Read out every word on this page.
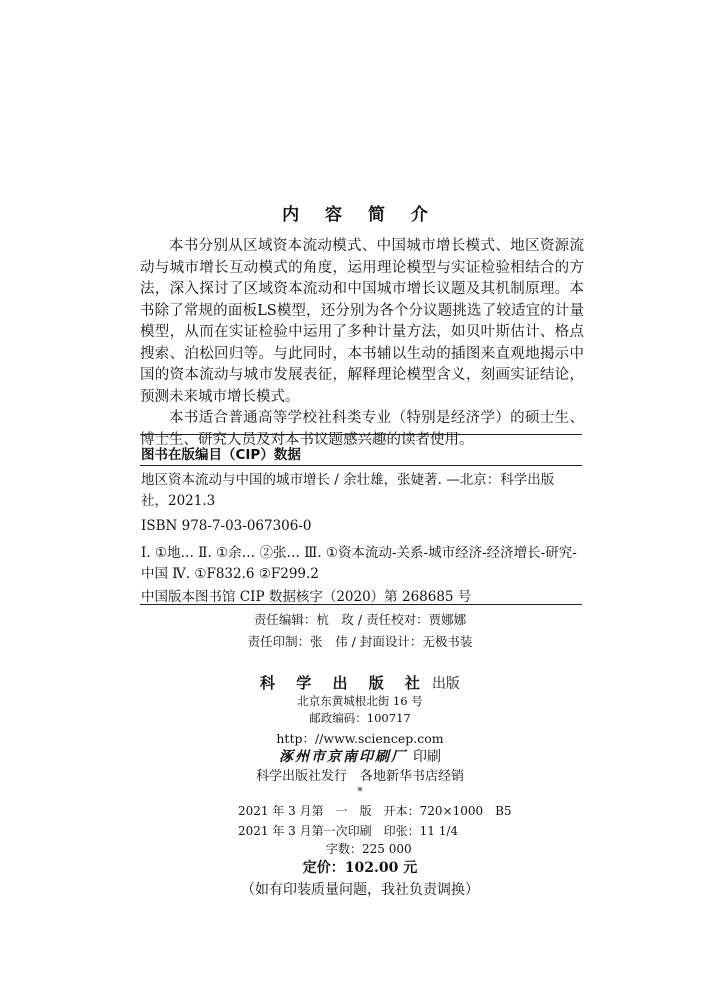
内 容 简 介

本书分别从区域资本流动模式、中国城市增长模式、地区资源流动与城市增长互动模式的角度，运用理论模型与实证检验相结合的方法，深入探讨了区域资本流动和中国城市增长议题及其机制原理。本书除了常规的面板LS模型，还分别为各个分议题挑选了较适宜的计量模型，从而在实证检验中运用了多种计量方法，如贝叶斯估计、格点搜索、泊松回归等。与此同时，本书辅以生动的插图来直观地揭示中国的资本流动与城市发展表征，解释理论模型含义，刻画实证结论，预测未来城市增长模式。

本书适合普通高等学校社科类专业（特别是经济学）的硕士生、博士生、研究人员及对本书议题感兴趣的读者使用。

图书在版编目（CIP）数据
地区资本流动与中国的城市增长 / 余壮雄，张婕著. —北京：科学出版社，2021.3
ISBN 978-7-03-067306-0
Ⅰ. ①地… Ⅱ. ①余… ②张… Ⅲ. ①资本流动-关系-城市经济-经济增长-研究-中国 Ⅳ. ①F832.6 ②F299.2
中国版本图书馆 CIP 数据核字（2020）第 268685 号
责任编辑：杭　玫 / 责任校对：贾娜娜
责任印制：张　伟 / 封面设计：无极书装
科 学 出 版 社 出版
北京东黄城根北街 16 号
邮政编码：100717
http：//www.sciencep.com
涿州市京南印刷厂 印刷
科学出版社发行　各地新华书店经销
*
2021 年 3 月第　一　版　开本：720×1000　B5
2021 年 3 月第一次印刷　印张：11 1/4
字数：225 000
定价：102.00 元
（如有印装质量问题，我社负责调换）
